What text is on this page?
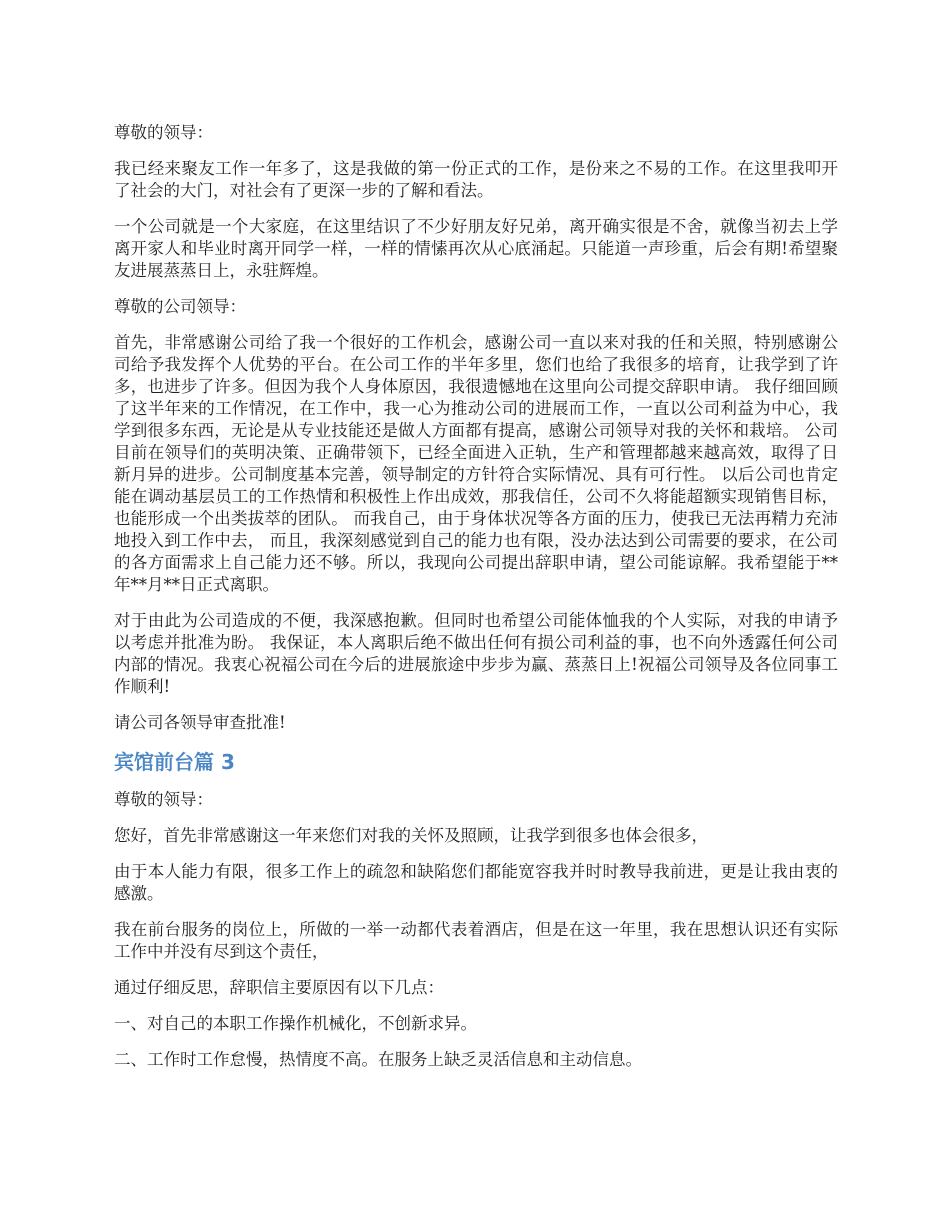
尊敬的领导：

我已经来聚友工作一年多了，这是我做的第一份正式的工作，是份来之不易的工作。在这里我叩开了社会的大门，对社会有了更深一步的了解和看法。

一个公司就是一个大家庭，在这里结识了不少好朋友好兄弟，离开确实很是不舍，就像当初去上学离开家人和毕业时离开同学一样，一样的情愫再次从心底涌起。只能道一声珍重，后会有期!希望聚友进展蒸蒸日上，永驻辉煌。

尊敬的公司领导：

首先，非常感谢公司给了我一个很好的工作机会，感谢公司一直以来对我的任和关照，特别感谢公司给予我发挥个人优势的平台。在公司工作的半年多里，您们也给了我很多的培育，让我学到了许多，也进步了许多。但因为我个人身体原因，我很遗憾地在这里向公司提交辞职申请。 我仔细回顾了这半年来的工作情况，在工作中，我一心为推动公司的进展而工作，一直以公司利益为中心，我学到很多东西，无论是从专业技能还是做人方面都有提高，感谢公司领导对我的关怀和栽培。 公司目前在领导们的英明决策、正确带领下，已经全面进入正轨，生产和管理都越来越高效，取得了日新月异的进步。公司制度基本完善，领导制定的方针符合实际情况、具有可行性。 以后公司也肯定能在调动基层员工的工作热情和积极性上作出成效，那我信任，公司不久将能超额实现销售目标，也能形成一个出类拔萃的团队。 而我自己，由于身体状况等各方面的压力，使我已无法再精力充沛地投入到工作中去， 而且，我深刻感觉到自己的能力也有限，没办法达到公司需要的要求，在公司的各方面需求上自己能力还不够。所以，我现向公司提出辞职申请，望公司能谅解。我希望能于**年**月**日正式离职。

对于由此为公司造成的不便，我深感抱歉。但同时也希望公司能体恤我的个人实际，对我的申请予以考虑并批准为盼。 我保证，本人离职后绝不做出任何有损公司利益的事，也不向外透露任何公司内部的情况。我衷心祝福公司在今后的进展旅途中步步为赢、蒸蒸日上!祝福公司领导及各位同事工作顺利!

请公司各领导审查批准!

宾馆前台篇 3

尊敬的领导：

您好，首先非常感谢这一年来您们对我的关怀及照顾，让我学到很多也体会很多，

由于本人能力有限，很多工作上的疏忽和缺陷您们都能宽容我并时时教导我前进，更是让我由衷的感激。

我在前台服务的岗位上，所做的一举一动都代表着酒店，但是在这一年里，我在思想认识还有实际工作中并没有尽到这个责任，

通过仔细反思，辞职信主要原因有以下几点：

一、对自己的本职工作操作机械化，不创新求异。

二、工作时工作怠慢，热情度不高。在服务上缺乏灵活信息和主动信息。
